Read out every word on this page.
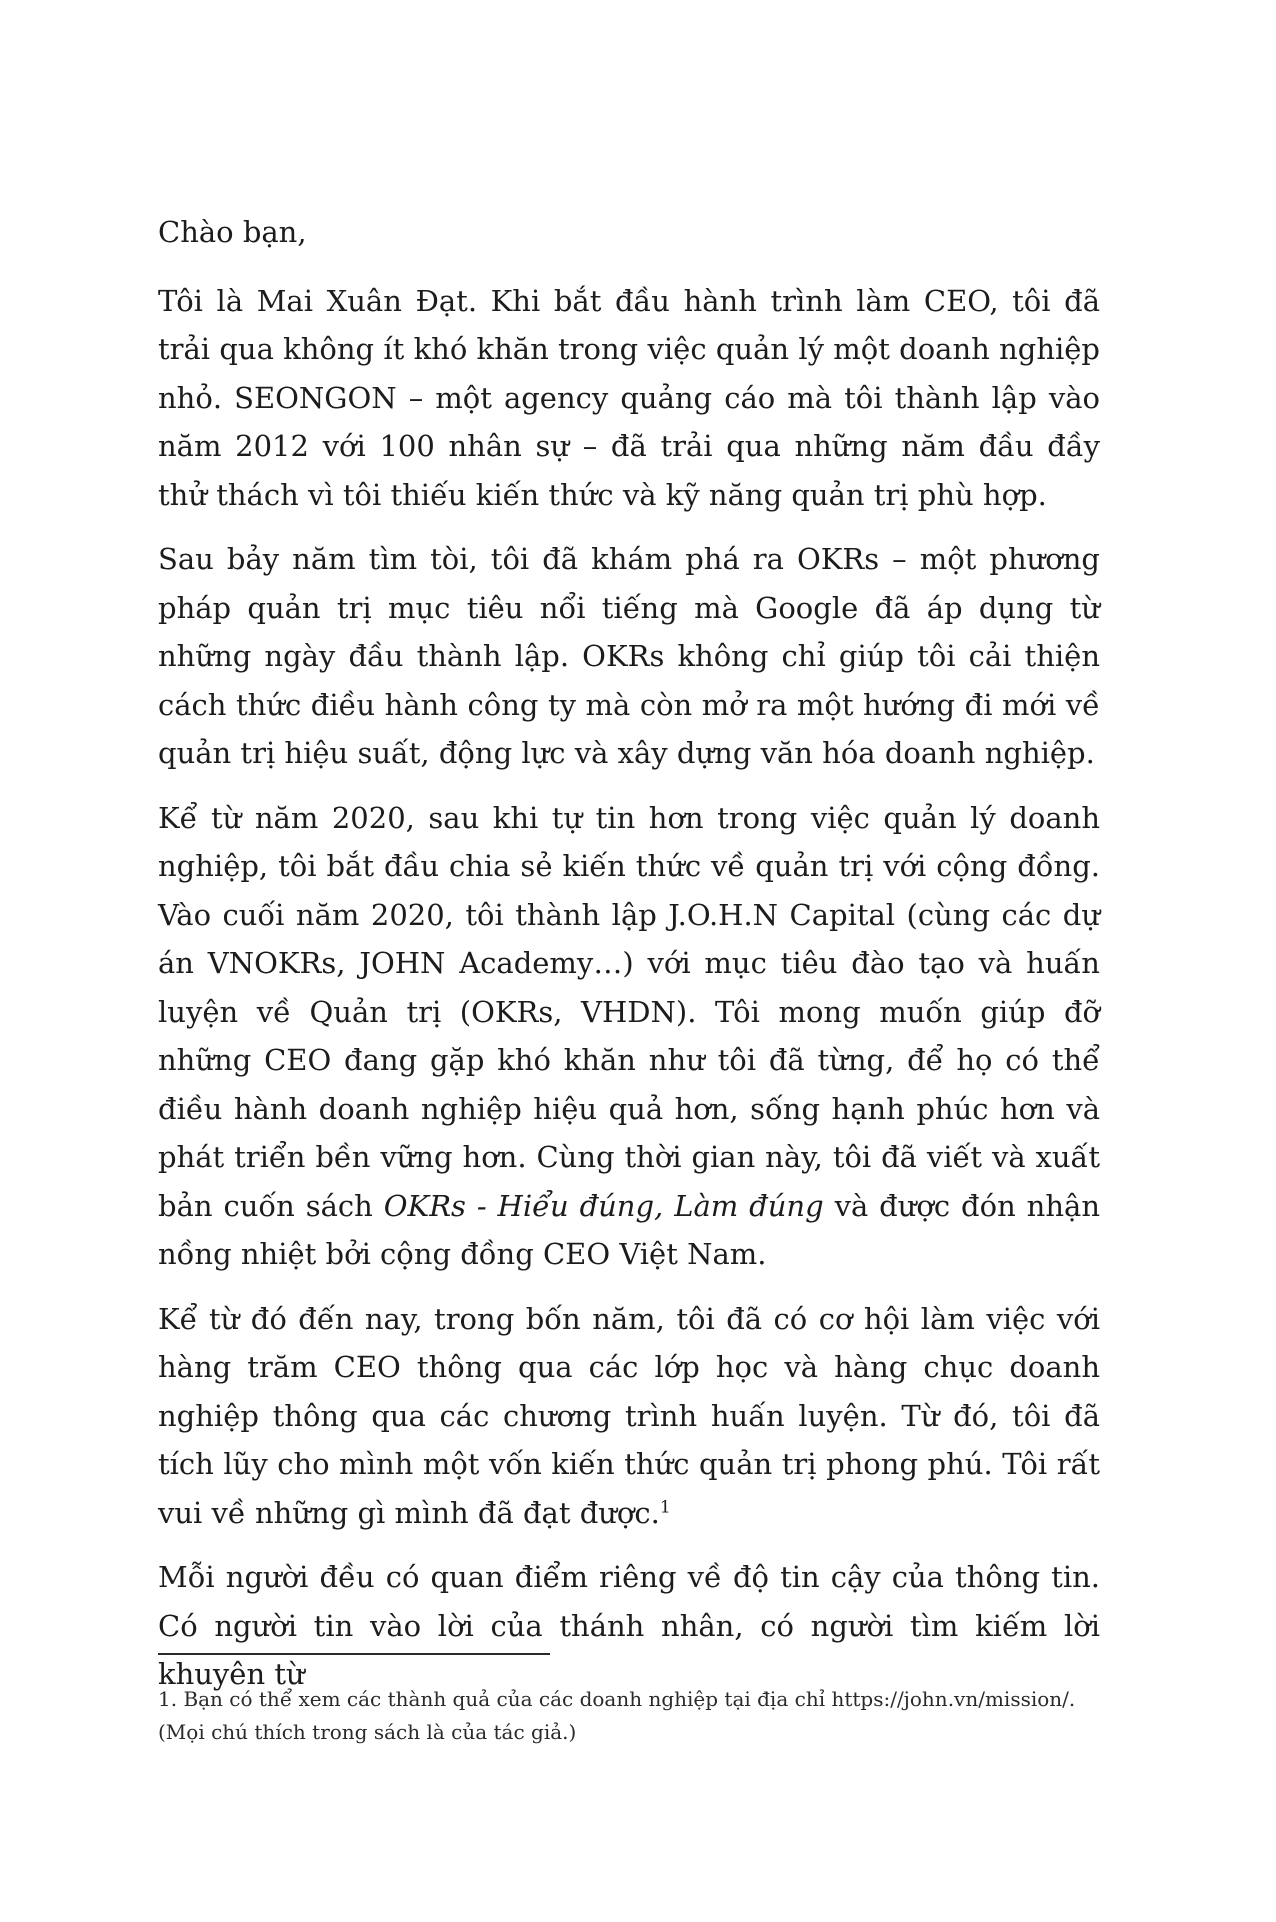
Chào bạn,

Tôi là Mai Xuân Đạt. Khi bắt đầu hành trình làm CEO, tôi đã trải qua không ít khó khăn trong việc quản lý một doanh nghiệp nhỏ. SEONGON – một agency quảng cáo mà tôi thành lập vào năm 2012 với 100 nhân sự – đã trải qua những năm đầu đầy thử thách vì tôi thiếu kiến thức và kỹ năng quản trị phù hợp.

Sau bảy năm tìm tòi, tôi đã khám phá ra OKRs – một phương pháp quản trị mục tiêu nổi tiếng mà Google đã áp dụng từ những ngày đầu thành lập. OKRs không chỉ giúp tôi cải thiện cách thức điều hành công ty mà còn mở ra một hướng đi mới về quản trị hiệu suất, động lực và xây dựng văn hóa doanh nghiệp.

Kể từ năm 2020, sau khi tự tin hơn trong việc quản lý doanh nghiệp, tôi bắt đầu chia sẻ kiến thức về quản trị với cộng đồng. Vào cuối năm 2020, tôi thành lập J.O.H.N Capital (cùng các dự án VNOKRs, JOHN Academy…) với mục tiêu đào tạo và huấn luyện về Quản trị (OKRs, VHDN). Tôi mong muốn giúp đỡ những CEO đang gặp khó khăn như tôi đã từng, để họ có thể điều hành doanh nghiệp hiệu quả hơn, sống hạnh phúc hơn và phát triển bền vững hơn. Cùng thời gian này, tôi đã viết và xuất bản cuốn sách OKRs - Hiểu đúng, Làm đúng và được đón nhận nồng nhiệt bởi cộng đồng CEO Việt Nam.

Kể từ đó đến nay, trong bốn năm, tôi đã có cơ hội làm việc với hàng trăm CEO thông qua các lớp học và hàng chục doanh nghiệp thông qua các chương trình huấn luyện. Từ đó, tôi đã tích lũy cho mình một vốn kiến thức quản trị phong phú. Tôi rất vui về những gì mình đã đạt được.$^1$

Mỗi người đều có quan điểm riêng về độ tin cậy của thông tin. Có người tin vào lời của thánh nhân, có người tìm kiếm lời khuyên từ

1. Bạn có thể xem các thành quả của các doanh nghiệp tại địa chỉ https://john.vn/mission/.

(Mọi chú thích trong sách là của tác giả.)
